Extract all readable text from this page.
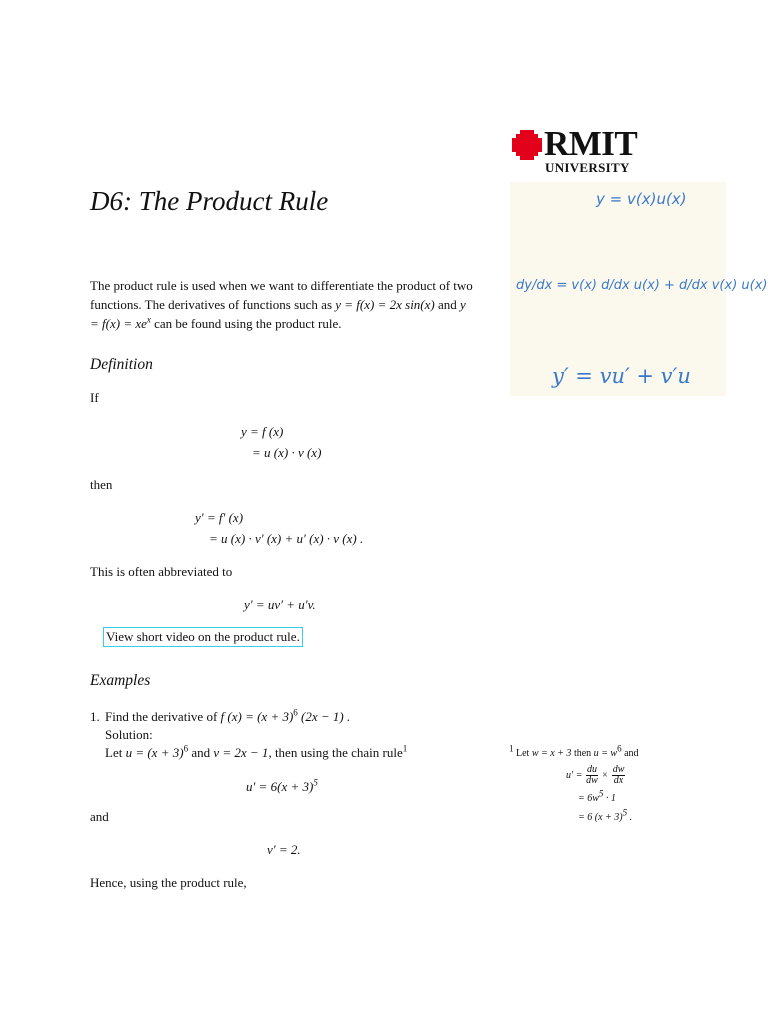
RMIT
UNIVERSITY
y = v(x)u(x)
dy/dx = v(x) d/dx u(x) + d/dx v(x) u(x)
y′ = vu′ + v′u
D6: The Product Rule
The product rule is used when we want to differentiate the product of two functions. The derivatives of functions such as y = f(x) = 2x sin(x) and $y = f(x) = xe^x$ can be found using the product rule.
Definition
If
y = f (x)
= u (x) · v (x)
then
y′ = f′ (x)
= u (x) · v′ (x) + u′ (x) · v (x) .
This is often abbreviated to
y′ = uv′ + u′v.
View short video on the product rule.
Examples
1. Find the derivative of f $(x) = (x + 3)^6$ (2x − 1) .
Solution:
Let $u = (x + 3)^6$ and v = 2x − 1, then using the chain rule$^1$
$u' = 6(x + 3)^5$
and
v′ = 2.
Hence, using the product rule,
$^1$ Let w = x + 3 then $u = w^6$ and
$u' = \frac{du}{dw} \times \frac{dw}{dx}$
= $6w^5 \cdot 1$
= 6 $(x + 3)^5$ .
